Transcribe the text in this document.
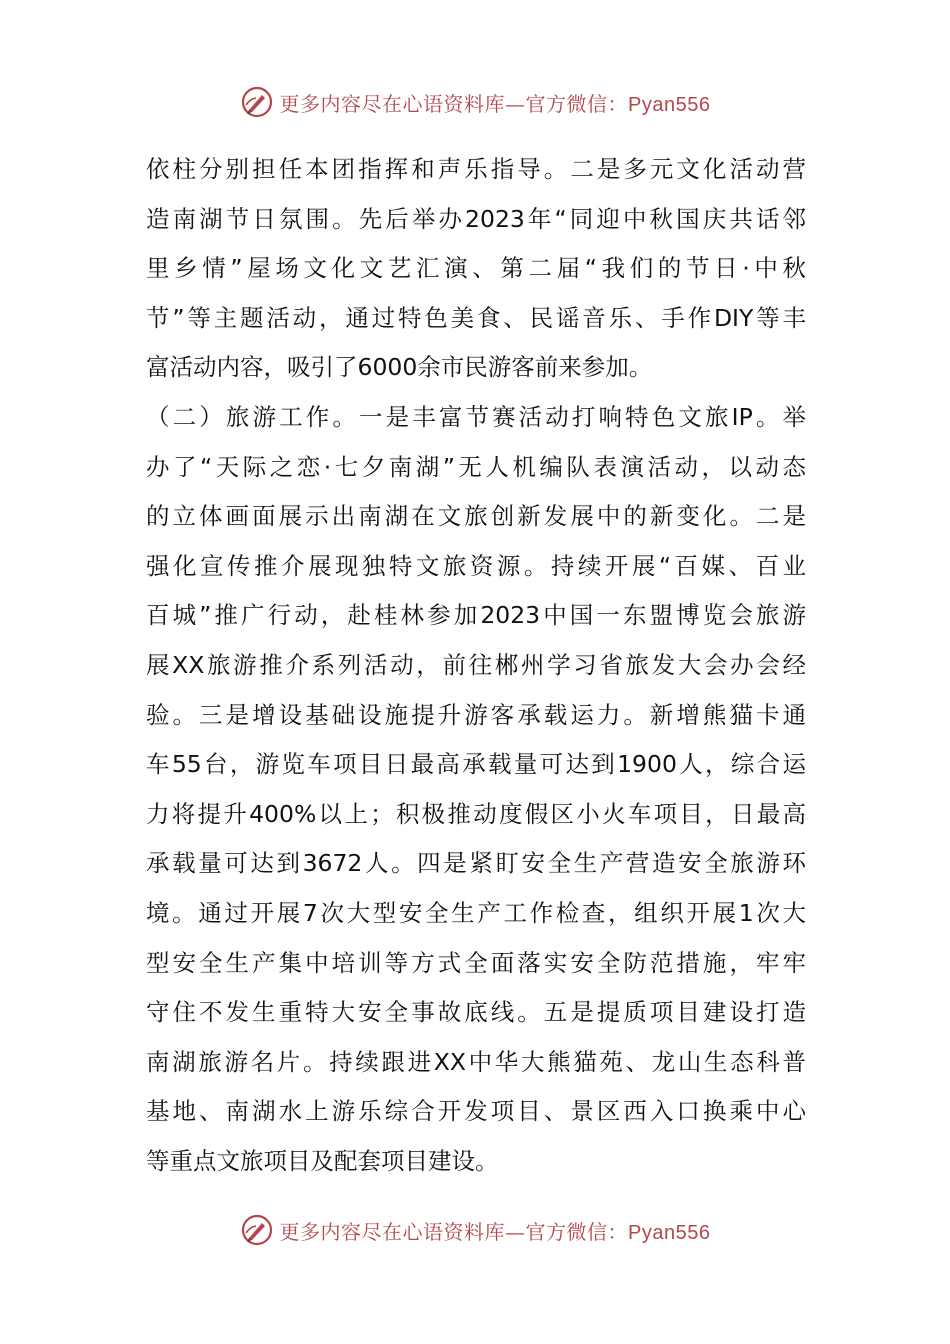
更多内容尽在心语资料库—官方微信：Pyan556
依柱分别担任本团指挥和声乐指导。二是多元文化活动营
造南湖节日氛围。先后举办2023年“同迎中秋国庆共话邻
里乡情”屋场文化文艺汇演、第二届“我们的节日·中秋
节”等主题活动，通过特色美食、民谣音乐、手作DIY等丰
富活动内容，吸引了6000余市民游客前来参加。
（二）旅游工作。一是丰富节赛活动打响特色文旅IP。举
办了“天际之恋·七夕南湖”无人机编队表演活动，以动态
的立体画面展示出南湖在文旅创新发展中的新变化。二是
强化宣传推介展现独特文旅资源。持续开展“百媒、百业
百城”推广行动，赴桂林参加2023中国一东盟博览会旅游
展XX旅游推介系列活动，前往郴州学习省旅发大会办会经
验。三是增设基础设施提升游客承载运力。新增熊猫卡通
车55台，游览车项目日最高承载量可达到1900人，综合运
力将提升400%以上；积极推动度假区小火车项目，日最高
承载量可达到3672人。四是紧盯安全生产营造安全旅游环
境。通过开展7次大型安全生产工作检查，组织开展1次大
型安全生产集中培训等方式全面落实安全防范措施，牢牢
守住不发生重特大安全事故底线。五是提质项目建设打造
南湖旅游名片。持续跟进XX中华大熊猫苑、龙山生态科普
基地、南湖水上游乐综合开发项目、景区西入口换乘中心
等重点文旅项目及配套项目建设。
更多内容尽在心语资料库—官方微信：Pyan556
